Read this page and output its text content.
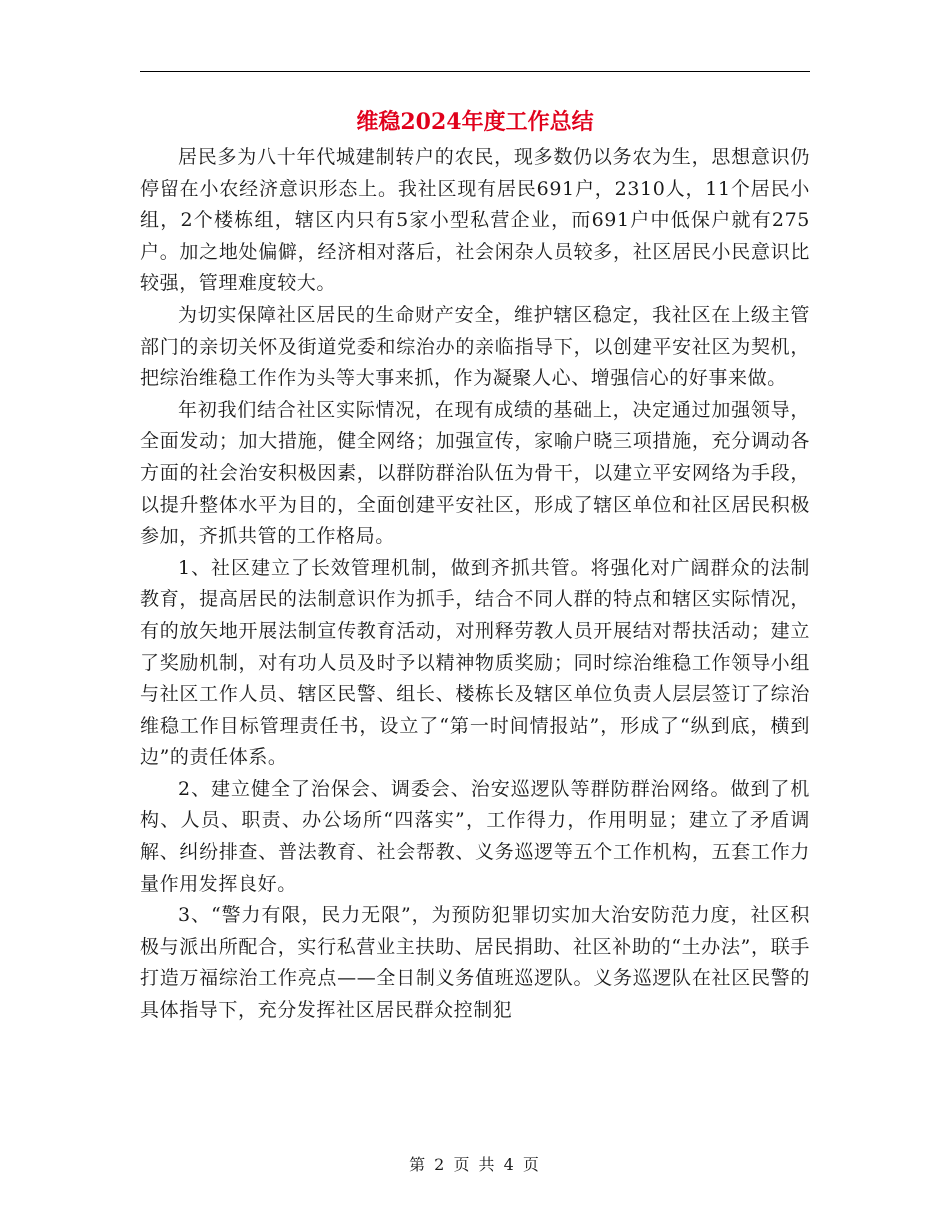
维稳2024年度工作总结

居民多为八十年代城建制转户的农民，现多数仍以务农为生，思想意识仍停留在小农经济意识形态上。我社区现有居民691户，2310人，11个居民小组，2个楼栋组，辖区内只有5家小型私营企业，而691户中低保户就有275户。加之地处偏僻，经济相对落后，社会闲杂人员较多，社区居民小民意识比较强，管理难度较大。

为切实保障社区居民的生命财产安全，维护辖区稳定，我社区在上级主管部门的亲切关怀及街道党委和综治办的亲临指导下，以创建平安社区为契机，把综治维稳工作作为头等大事来抓，作为凝聚人心、增强信心的好事来做。

年初我们结合社区实际情况，在现有成绩的基础上，决定通过加强领导，全面发动；加大措施，健全网络；加强宣传，家喻户晓三项措施，充分调动各方面的社会治安积极因素，以群防群治队伍为骨干，以建立平安网络为手段，以提升整体水平为目的，全面创建平安社区，形成了辖区单位和社区居民积极参加，齐抓共管的工作格局。

1、社区建立了长效管理机制，做到齐抓共管。将强化对广阔群众的法制教育，提高居民的法制意识作为抓手，结合不同人群的特点和辖区实际情况，有的放矢地开展法制宣传教育活动，对刑释劳教人员开展结对帮扶活动；建立了奖励机制，对有功人员及时予以精神物质奖励；同时综治维稳工作领导小组与社区工作人员、辖区民警、组长、楼栋长及辖区单位负责人层层签订了综治维稳工作目标管理责任书，设立了“第一时间情报站”，形成了“纵到底，横到边”的责任体系。

2、建立健全了治保会、调委会、治安巡逻队等群防群治网络。做到了机构、人员、职责、办公场所“四落实”，工作得力，作用明显；建立了矛盾调解、纠纷排查、普法教育、社会帮教、义务巡逻等五个工作机构，五套工作力量作用发挥良好。

3、“警力有限，民力无限”，为预防犯罪切实加大治安防范力度，社区积极与派出所配合，实行私营业主扶助、居民捐助、社区补助的“土办法”，联手打造万福综治工作亮点——全日制义务值班巡逻队。义务巡逻队在社区民警的具体指导下，充分发挥社区居民群众控制犯

第 2 页 共 4 页
